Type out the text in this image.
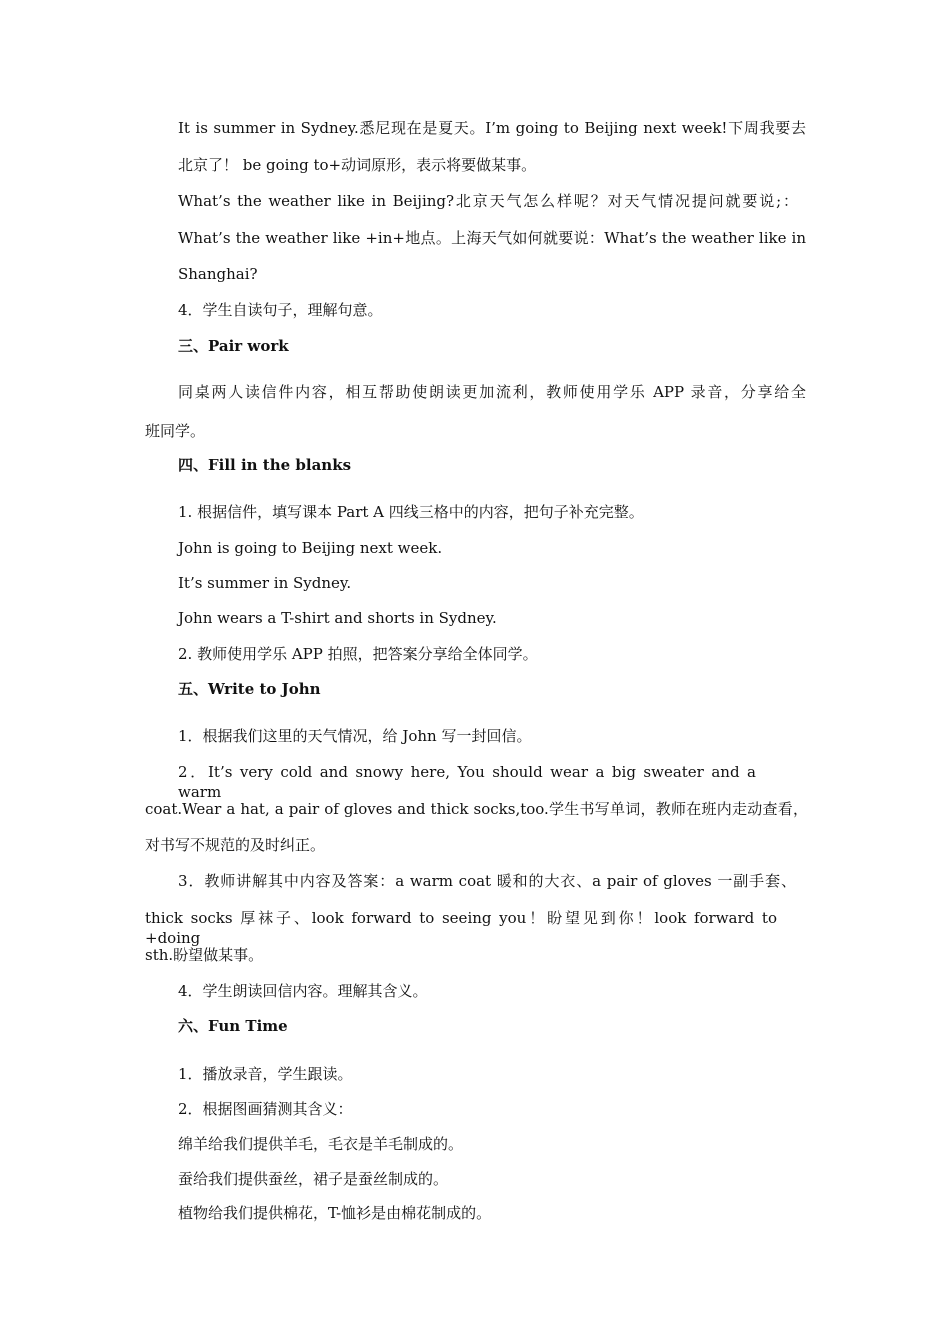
It is summer in Sydney.悉尼现在是夏天。I’m going to Beijing next week!下周我要去
北京了！ be going to+动词原形，表示将要做某事。
What’s the weather like in Beijing?北京天气怎么样呢？对天气情况提问就要说;：
What’s the weather like +in+地点。上海天气如何就要说：What’s the weather like in
Shanghai?
4．学生自读句子，理解句意。
三、Pair work
同桌两人读信件内容，相互帮助使朗读更加流利，教师使用学乐 APP 录音，分享给全
班同学。
四、Fill in the blanks
1. 根据信件，填写课本 Part A 四线三格中的内容，把句子补充完整。
John is going to Beijing next week.
It’s summer in Sydney.
John wears a T-shirt and shorts in Sydney.
2. 教师使用学乐 APP 拍照，把答案分享给全体同学。
五、Write to John
1．根据我们这里的天气情况，给 John 写一封回信。
2．It’s very cold and snowy here, You should wear a big sweater and a warm
coat.Wear a hat, a pair of gloves and thick socks,too.学生书写单词，教师在班内走动查看，
对书写不规范的及时纠正。
3．教师讲解其中内容及答案：a warm coat 暖和的大衣、a pair of gloves 一副手套、
thick socks 厚袜子、look forward to seeing you！盼望见到你！look forward to +doing
sth.盼望做某事。
4．学生朗读回信内容。理解其含义。
六、Fun Time
1．播放录音，学生跟读。
2．根据图画猜测其含义：
绵羊给我们提供羊毛，毛衣是羊毛制成的。
蚕给我们提供蚕丝，裙子是蚕丝制成的。
植物给我们提供棉花，T-恤衫是由棉花制成的。
